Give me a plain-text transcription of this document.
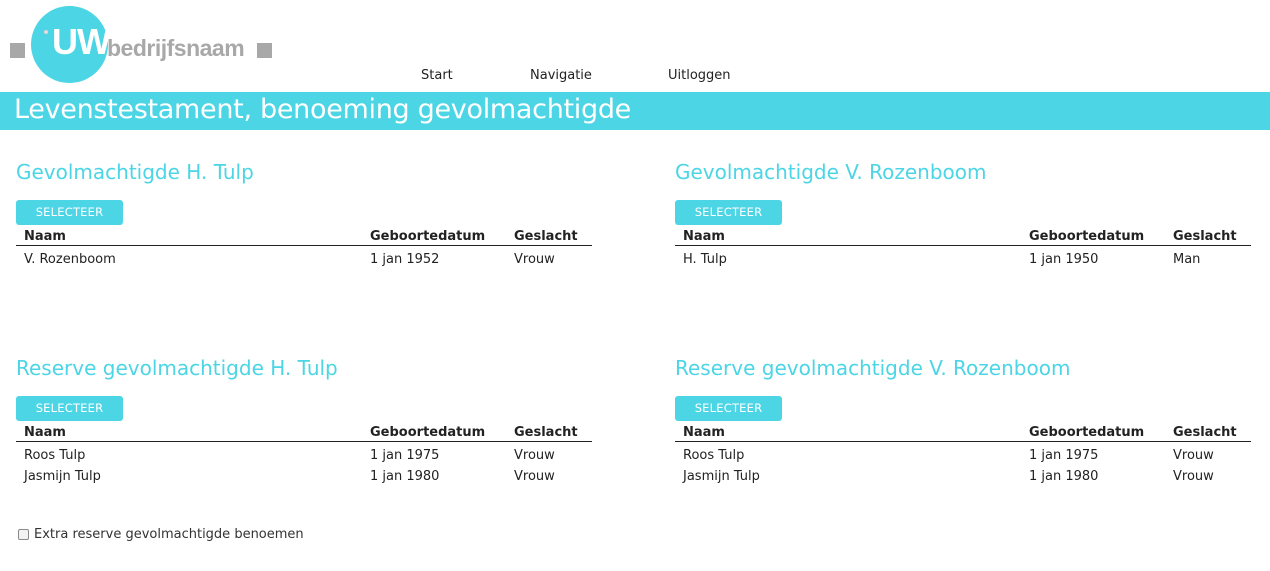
UW
bedrijfsnaam
Start	Navigatie	Uitloggen
Levenstestament, benoeming gevolmachtigde
Gevolmachtigde H. Tulp
SELECTEER
Naam	Geboortedatum	Geslacht
V. Rozenboom	1 jan 1952	Vrouw
Gevolmachtigde V. Rozenboom
SELECTEER
Naam	Geboortedatum	Geslacht
H. Tulp	1 jan 1950	Man
Reserve gevolmachtigde H. Tulp
SELECTEER
Naam	Geboortedatum	Geslacht
Roos Tulp	1 jan 1975	Vrouw
Jasmijn Tulp	1 jan 1980	Vrouw
Reserve gevolmachtigde V. Rozenboom
SELECTEER
Naam	Geboortedatum	Geslacht
Roos Tulp	1 jan 1975	Vrouw
Jasmijn Tulp	1 jan 1980	Vrouw
Extra reserve gevolmachtigde benoemen
